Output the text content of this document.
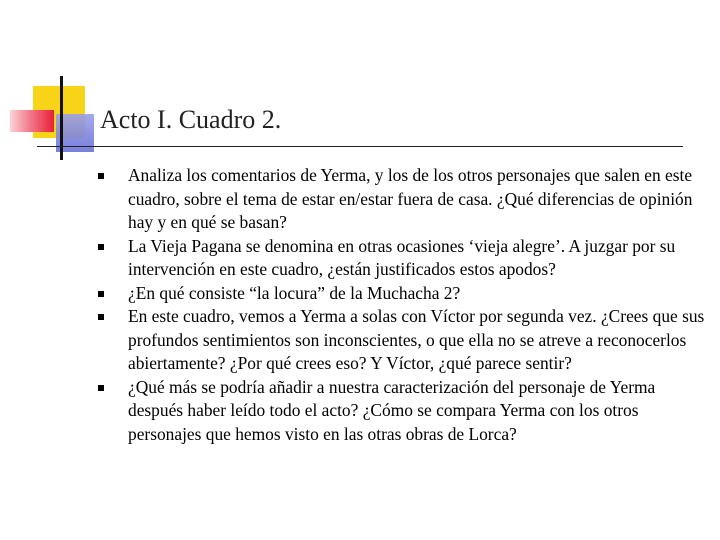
Acto I. Cuadro 2.
Analiza los comentarios de Yerma, y los de los otros personajes que salen en este cuadro, sobre el tema de estar en/estar fuera de casa. ¿Qué diferencias de opinión hay y en qué se basan?
La Vieja Pagana se denomina en otras ocasiones ‘vieja alegre’. A juzgar por su intervención en este cuadro, ¿están justificados estos apodos?
¿En qué consiste “la locura” de la Muchacha 2?
En este cuadro, vemos a Yerma a solas con Víctor por segunda vez. ¿Crees que sus profundos sentimientos son inconscientes, o que ella no se atreve a reconocerlos abiertamente? ¿Por qué crees eso? Y Víctor, ¿qué parece sentir?
¿Qué más se podría añadir a nuestra caracterización del personaje de Yerma después haber leído todo el acto? ¿Cómo se compara Yerma con los otros personajes que hemos visto en las otras obras de Lorca?
